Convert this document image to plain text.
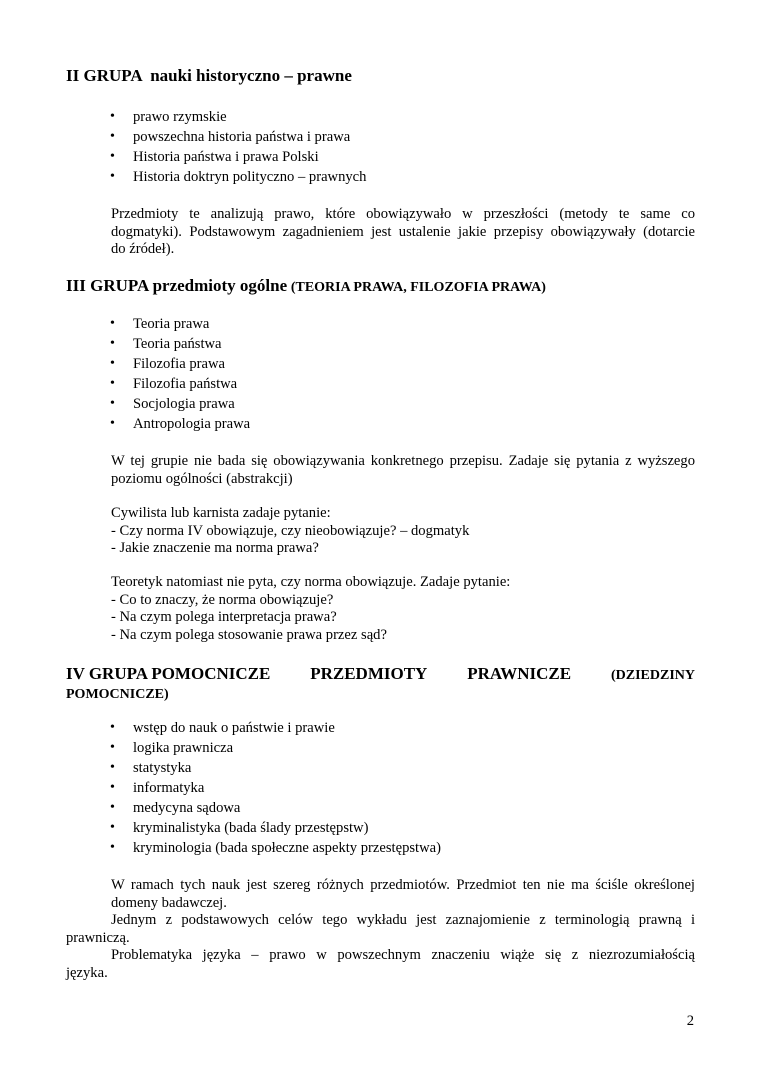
II GRUPA  nauki historyczno – prawne
• prawo rzymskie
• powszechna historia państwa i prawa
• Historia państwa i prawa Polski
• Historia doktryn polityczno – prawnych
Przedmioty te analizują prawo, które obowiązywało w przeszłości (metody te same co
dogmatyki). Podstawowym zagadnieniem jest ustalenie jakie przepisy obowiązywały (dotarcie
do źródeł).
III GRUPA przedmioty ogólne (TEORIA PRAWA, FILOZOFIA PRAWA)
• Teoria prawa
• Teoria państwa
• Filozofia prawa
• Filozofia państwa
• Socjologia prawa
• Antropologia prawa
W tej grupie nie bada się obowiązywania konkretnego przepisu. Zadaje się pytania z wyższego
poziomu ogólności (abstrakcji)
Cywilista lub karnista zadaje pytanie:
- Czy norma IV obowiązuje, czy nieobowiązuje? – dogmatyk
- Jakie znaczenie ma norma prawa?
Teoretyk natomiast nie pyta, czy norma obowiązuje. Zadaje pytanie:
- Co to znaczy, że norma obowiązuje?
- Na czym polega interpretacja prawa?
- Na czym polega stosowanie prawa przez sąd?
IV GRUPA POMOCNICZE PRZEDMIOTY PRAWNICZE	(DZIEDZINY
POMOCNICZE)
• wstęp do nauk o państwie i prawie
• logika prawnicza
• statystyka
• informatyka
• medycyna sądowa
• kryminalistyka (bada ślady przestępstw)
• kryminologia (bada społeczne aspekty przestępstwa)
W ramach tych nauk jest szereg różnych przedmiotów. Przedmiot ten nie ma ściśle określonej
domeny badawczej.
Jednym z podstawowych celów tego wykładu jest zaznajomienie z terminologią prawną i
prawniczą.
Problematyka języka – prawo w powszechnym znaczeniu wiąże się z niezrozumiałością
języka.
2
